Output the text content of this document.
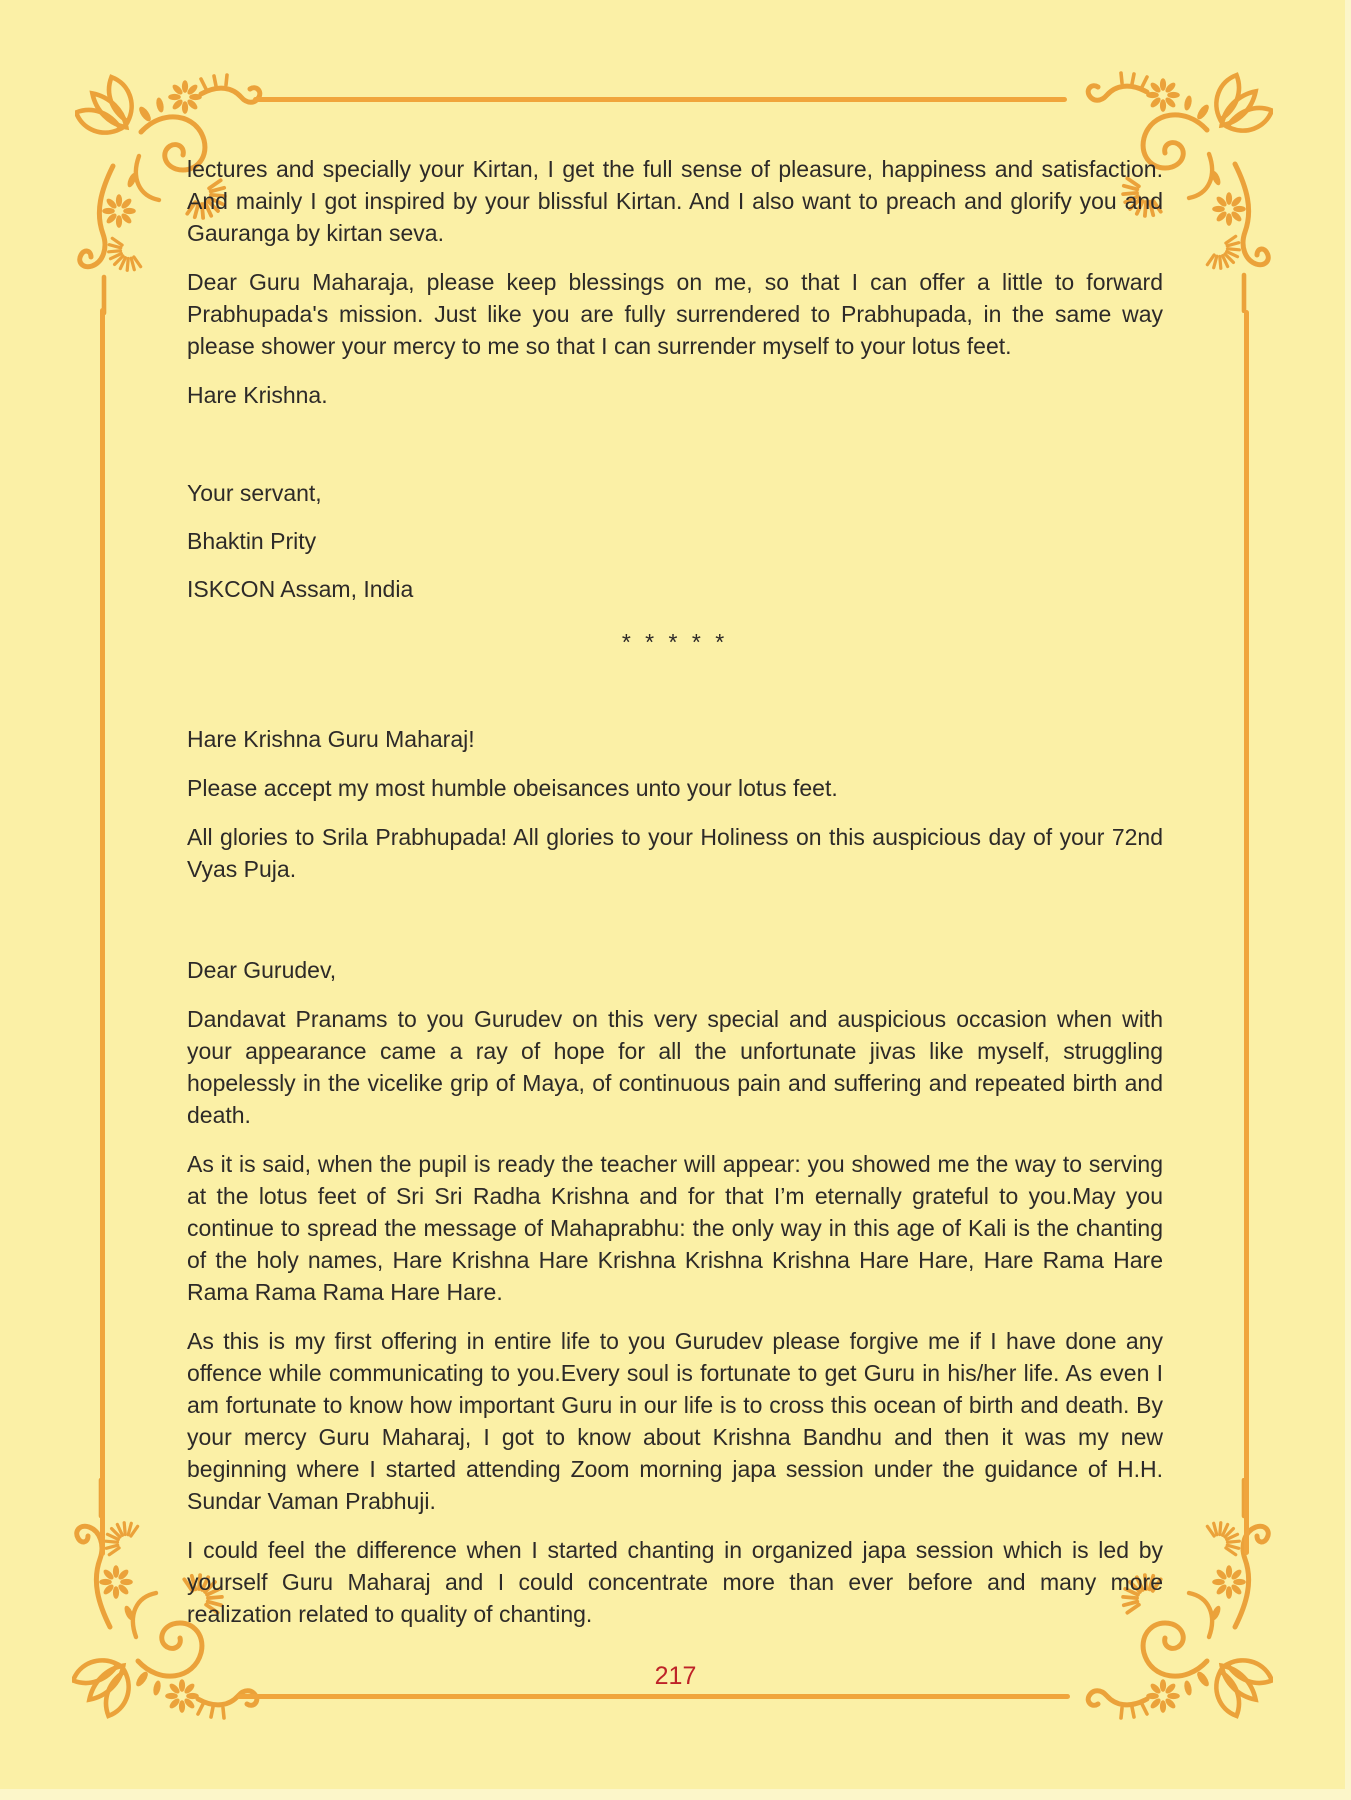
lectures and specially your Kirtan, I get the full sense of pleasure, happiness and satisfaction. And mainly I got inspired by your blissful Kirtan. And I also want to preach and glorify you and Gauranga by kirtan seva.

Dear Guru Maharaja, please keep blessings on me, so that I can offer a little to forward Prabhupada's mission. Just like you are fully surrendered to Prabhupada, in the same way please shower your mercy to me so that I can surrender myself to your lotus feet.

Hare Krishna.

Your servant,

Bhaktin Prity

ISKCON Assam, India

* * * * *

Hare Krishna Guru Maharaj!

Please accept my most humble obeisances unto your lotus feet.

All glories to Srila Prabhupada! All glories to your Holiness on this auspicious day of your 72nd Vyas Puja.

Dear Gurudev,

Dandavat Pranams to you Gurudev on this very special and auspicious occasion when with your appearance came a ray of hope for all the unfortunate jivas like myself, struggling hopelessly in the vicelike grip of Maya, of continuous pain and suffering and repeated birth and death.

As it is said, when the pupil is ready the teacher will appear: you showed me the way to serving at the lotus feet of Sri Sri Radha Krishna and for that I’m eternally grateful to you.May you continue to spread the message of Mahaprabhu: the only way in this age of Kali is the chanting of the holy names, Hare Krishna Hare Krishna Krishna Krishna Hare Hare, Hare Rama Hare Rama Rama Rama Hare Hare.

As this is my first offering in entire life to you Gurudev please forgive me if I have done any offence while communicating to you.Every soul is fortunate to get Guru in his/her life. As even I am fortunate to know how important Guru in our life is to cross this ocean of birth and death. By your mercy Guru Maharaj, I got to know about Krishna Bandhu and then it was my new beginning where I started attending Zoom morning japa session under the guidance of H.H. Sundar Vaman Prabhuji.

I could feel the difference when I started chanting in organized japa session which is led by yourself Guru Maharaj and I could concentrate more than ever before and many more realization related to quality of chanting.

217
